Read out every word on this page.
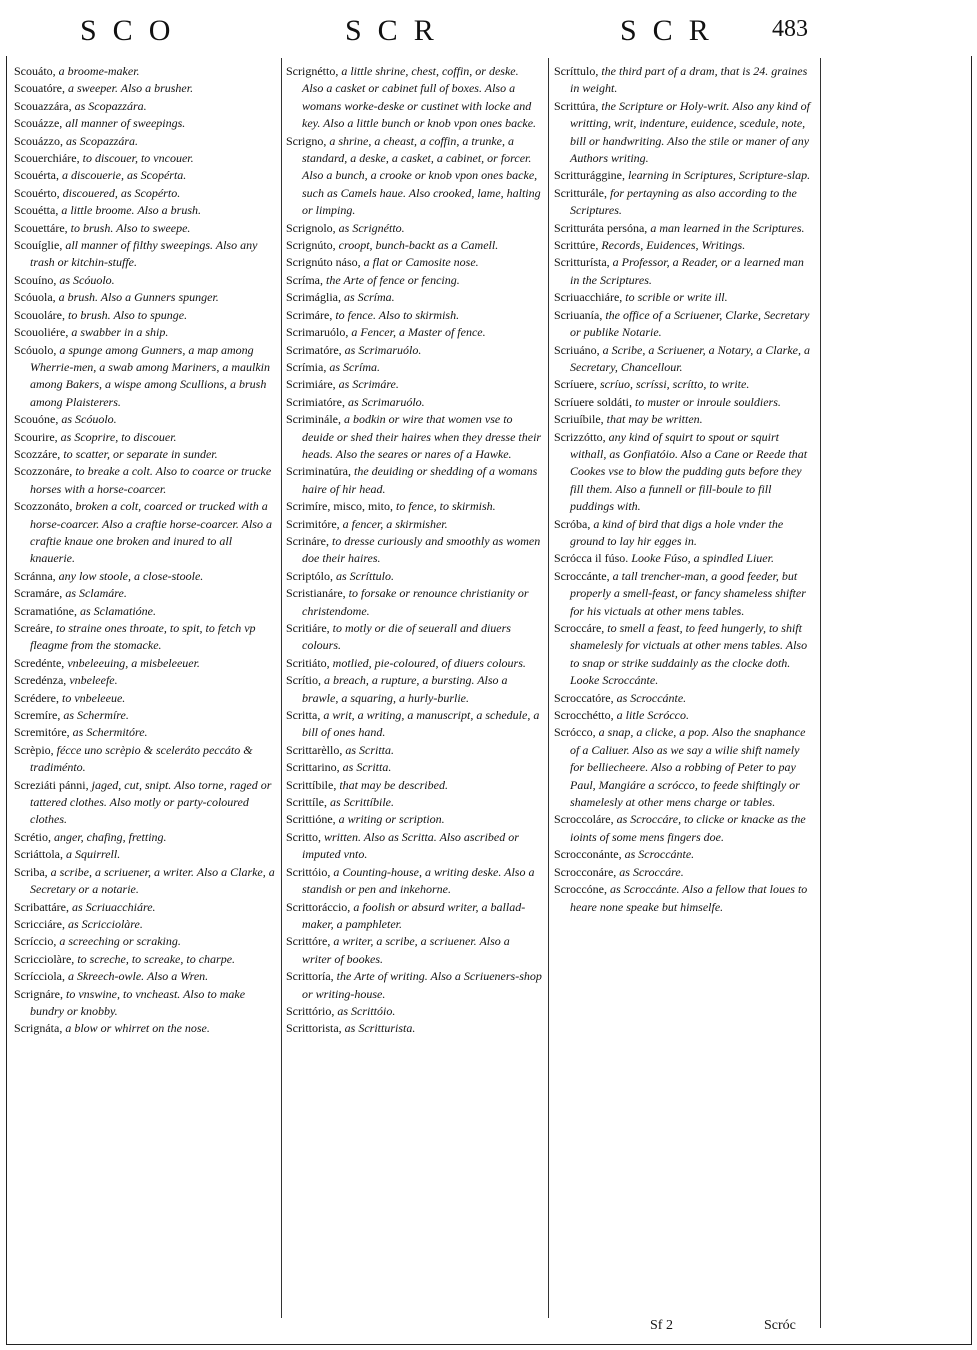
SCO	SCR	SCR 483

Scouáto, a broome-maker.

Scouatóre, a sweeper. Also a brusher.

Scouazzára, as Scopazzára.

Scouázze, all manner of sweepings.

Scouázzo, as Scopazzára.

Scouerchiáre, to discouer, to vncouer.

Scouérta, a discouerie, as Scopérta.

Scouérto, discouered, as Scopérto.

Scouétta, a little broome. Also a brush.

Scouettáre, to brush. Also to sweepe.

Scouíglie, all manner of filthy sweepings. Also any trash or kitchin-stuffe.

Scouíno, as Scóuolo.

Scóuola, a brush. Also a Gunners spunger.

Scouoláre, to brush. Also to spunge.

Scouoliére, a swabber in a ship.

Scóuolo, a spunge among Gunners, a map among Wherrie-men, a swab among Mariners, a maulkin among Bakers, a wispe among Scullions, a brush among Plaisterers.

Scouóne, as Scóuolo.

Scourire, as Scoprire, to discouer.

Scozzáre, to scatter, or separate in sunder.

Scozzonáre, to breake a colt. Also to coarce or trucke horses with a horse-coarcer.

Scozzonáto, broken a colt, coarced or trucked with a horse-coarcer. Also a craftie horse-coarcer. Also a craftie knaue one broken and inured to all knauerie.

Scránna, any low stoole, a close-stoole.

Scramáre, as Sclamáre.

Scramatióne, as Sclamatióne.

Screáre, to straine ones throate, to spit, to fetch vp fleagme from the stomacke.

Scredénte, vnbeleeuing, a misbeleeuer.

Scredénza, vnbeleefe.

Scrédere, to vnbeleeue.

Scremíre, as Schermíre.

Scremitóre, as Schermitóre.

Scrèpio, fécce uno scrèpio & sceleráto peccáto & tradiménto.

Screziáti pánni, jaged, cut, snipt. Also torne, raged or tattered clothes. Also motly or party-coloured clothes.

Scrétio, anger, chafing, fretting.

Scriáttola, a Squirrell.

Scriba, a scribe, a scriuener, a writer. Also a Clarke, a Secretary or a notarie.

Scribattáre, as Scriuacchiáre.

Scricciáre, as Scricciolàre.

Scríccio, a screeching or scraking.

Scricciolàre, to screche, to screake, to charpe.

Scrícciola, a Skreech-owle. Also a Wren.

Scrignáre, to vnswine, to vncheast. Also to make bundry or knobby.

Scrignáta, a blow or whirret on the nose.

Scrignétto, a little shrine, chest, coffin, or deske. Also a casket or cabinet full of boxes. Also a womans worke-deske or custinet with locke and key. Also a little bunch or knob vpon ones backe.

Scrigno, a shrine, a cheast, a coffin, a trunke, a standard, a deske, a casket, a cabinet, or forcer. Also a bunch, a crooke or knob vpon ones backe, such as Camels haue. Also crooked, lame, halting or limping.

Scrignolo, as Scrignétto.

Scrignúto, croopt, bunch-backt as a Camell.

Scrignúto náso, a flat or Camosite nose.

Scríma, the Arte of fence or fencing.

Scrimáglia, as Scríma.

Scrimáre, to fence. Also to skirmish.

Scrimaruólo, a Fencer, a Master of fence.

Scrimatóre, as Scrimaruólo.

Scrímia, as Scríma.

Scrimiáre, as Scrimáre.

Scrimiatóre, as Scrimaruólo.

Scriminále, a bodkin or wire that women vse to deuide or shed their haires when they dresse their heads. Also the seares or nares of a Hawke.

Scriminatúra, the deuiding or shedding of a womans haire of hir head.

Scrimíre, misco, mito, to fence, to skirmish.

Scrimitóre, a fencer, a skirmisher.

Scrináre, to dresse curiously and smoothly as women doe their haires.

Scriptólo, as Scríttulo.

Scristianáre, to forsake or renounce christianity or christendome.

Scritiáre, to motly or die of seuerall and diuers colours.

Scritiáto, motlied, pie-coloured, of diuers colours.

Scrítio, a breach, a rupture, a bursting. Also a brawle, a squaring, a hurly-burlie.

Scritta, a writ, a writing, a manuscript, a schedule, a bill of ones hand.

Scrittarèllo, as Scritta.

Scrittarino, as Scritta.

Scrittíbile, that may be described.

Scrittíle, as Scrittíbile.

Scrittióne, a writing or scription.

Scritto, written. Also as Scritta. Also ascribed or imputed vnto.

Scrittóio, a Counting-house, a writing deske. Also a standish or pen and inkehorne.

Scrittoráccio, a foolish or absurd writer, a ballad-maker, a pamphleter.

Scrittóre, a writer, a scribe, a scriuener. Also a writer of bookes.

Scrittoría, the Arte of writing. Also a Scriueners-shop or writing-house.

Scrittório, as Scrittóio.

Scrittorista, as Scritturista.

Scríttulo, the third part of a dram, that is 24. graines in weight.

Scrittúra, the Scripture or Holy-writ. Also any kind of writting, writ, indenture, euidence, scedule, note, bill or handwriting. Also the stile or maner of any Authors writing.

Scritturággine, learning in Scriptures, Scripture-slap.

Scritturále, for pertayning as also according to the Scriptures.

Scritturáta persóna, a man learned in the Scriptures.

Scrittúre, Records, Euidences, Writings.

Scritturísta, a Professor, a Reader, or a learned man in the Scriptures.

Scriuacchiáre, to scrible or write ill.

Scriuanía, the office of a Scriuener, Clarke, Secretary or publike Notarie.

Scriuáno, a Scribe, a Scriuener, a Notary, a Clarke, a Secretary, Chancellour.

Scríuere, scríuo, scríssi, scrítto, to write.

Scríuere soldáti, to muster or inroule souldiers.

Scriuíbile, that may be written.

Scrizzótto, any kind of squirt to spout or squirt withall, as Gonfiatóio. Also a Cane or Reede that Cookes vse to blow the pudding guts before they fill them. Also a funnell or fill-boule to fill puddings with.

Scróba, a kind of bird that digs a hole vnder the ground to lay hir egges in.

Scrócca il fúso. Looke Fúso, a spindled Liuer.

Scroccánte, a tall trencher-man, a good feeder, but properly a smell-feast, or fancy shameless shifter for his victuals at other mens tables.

Scroccáre, to smell a feast, to feed hungerly, to shift shamelesly for victuals at other mens tables. Also to snap or strike suddainly as the clocke doth. Looke Scroccánte.

Scroccatóre, as Scroccánte.

Scrocchétto, a litle Scrócco.

Scrócco, a snap, a clicke, a pop. Also the snaphance of a Caliuer. Also as we say a wilie shift namely for belliecheere. Also a robbing of Peter to pay Paul, Mangiáre a scrócco, to feede shiftingly or shamelesly at other mens charge or tables.

Scroccoláre, as Scroccáre, to clicke or knacke as the ioints of some mens fingers doe.

Scrocconánte, as Scroccánte.

Scrocconáre, as Scroccáre.

Scroccóne, as Scroccánte. Also a fellow that loues to heare none speake but himselfe.

Sf 2	Scróc
